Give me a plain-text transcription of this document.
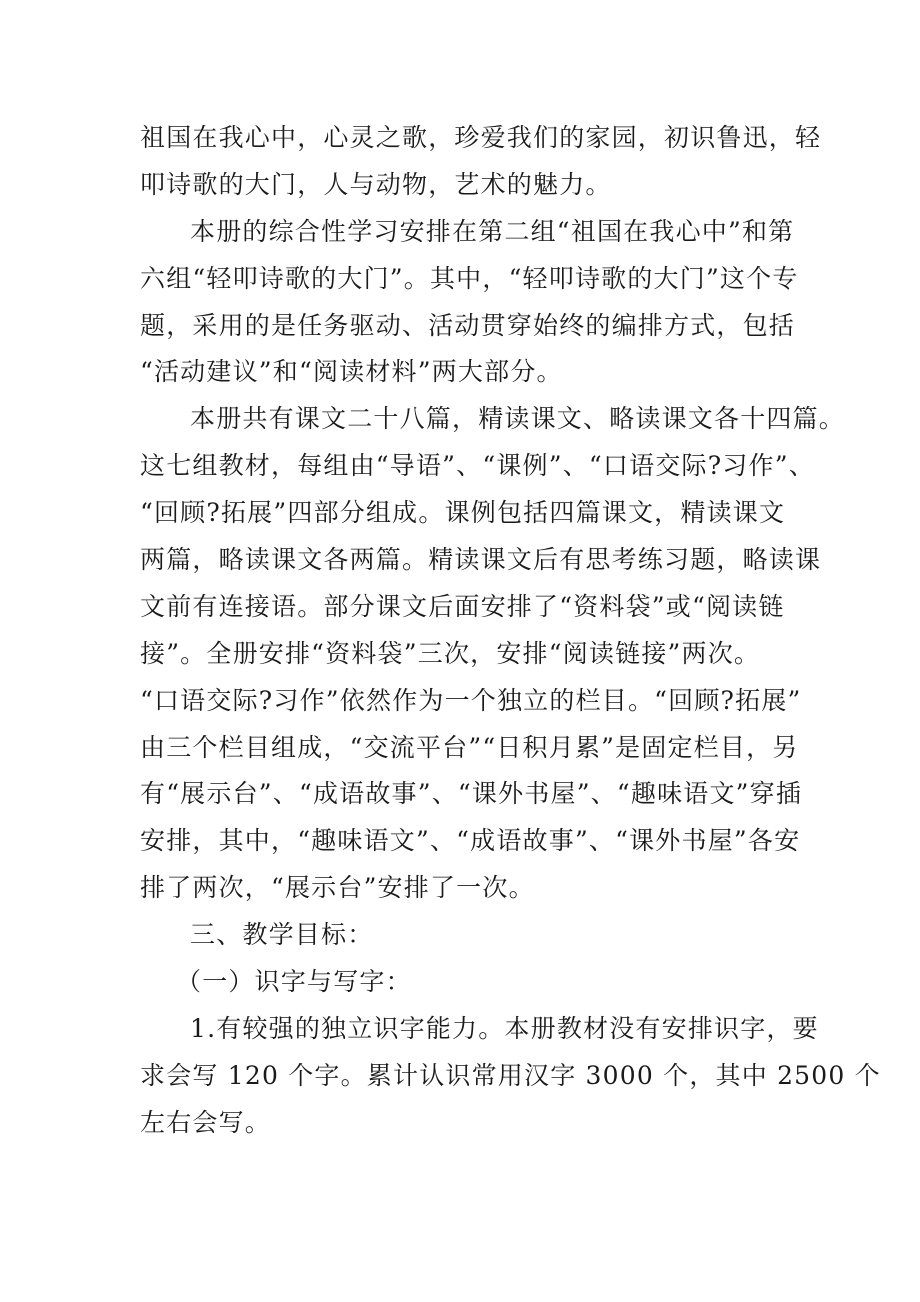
祖国在我心中，心灵之歌，珍爱我们的家园，初识鲁迅，轻
叩诗歌的大门，人与动物，艺术的魅力。
本册的综合性学习安排在第二组“祖国在我心中”和第
六组“轻叩诗歌的大门”。其中，“轻叩诗歌的大门”这个专
题，采用的是任务驱动、活动贯穿始终的编排方式，包括
“活动建议”和“阅读材料”两大部分。
本册共有课文二十八篇，精读课文、略读课文各十四篇。
这七组教材，每组由“导语”、“课例”、“口语交际?习作”、
“回顾?拓展”四部分组成。课例包括四篇课文，精读课文
两篇，略读课文各两篇。精读课文后有思考练习题，略读课
文前有连接语。部分课文后面安排了“资料袋”或“阅读链
接”。全册安排“资料袋”三次，安排“阅读链接”两次。
“口语交际?习作”依然作为一个独立的栏目。“回顾?拓展”
由三个栏目组成，“交流平台”“日积月累”是固定栏目，另
有“展示台”、“成语故事”、“课外书屋”、“趣味语文”穿插
安排，其中，“趣味语文”、“成语故事”、“课外书屋”各安
排了两次，“展示台”安排了一次。
三、教学目标：
（一）识字与写字：
1.有较强的独立识字能力。本册教材没有安排识字，要
求会写 120 个字。累计认识常用汉字 3000 个，其中 2500 个
左右会写。
